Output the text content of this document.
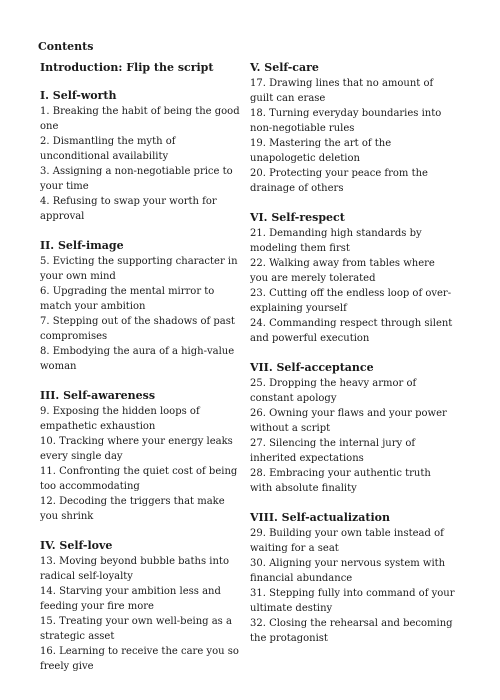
Contents
Introduction: Flip the script
I. Self-worth

1. Breaking the habit of being the good one

2. Dismantling the myth of unconditional availability

3. Assigning a non-negotiable price to your time

4. Refusing to swap your worth for approval

II. Self-image

5. Evicting the supporting character in your own mind

6. Upgrading the mental mirror to match your ambition

7. Stepping out of the shadows of past compromises

8. Embodying the aura of a high-value woman

III. Self-awareness

9. Exposing the hidden loops of empathetic exhaustion

10. Tracking where your energy leaks every single day

11. Confronting the quiet cost of being too accommodating

12. Decoding the triggers that make you shrink

IV. Self-love

13. Moving beyond bubble baths into radical self-loyalty

14. Starving your ambition less and feeding your fire more

15. Treating your own well-being as a strategic asset

16. Learning to receive the care you so freely give

V. Self-care

17. Drawing lines that no amount of guilt can erase

18. Turning everyday boundaries into non-negotiable rules

19. Mastering the art of the unapologetic deletion

20. Protecting your peace from the drainage of others

VI. Self-respect

21. Demanding high standards by modeling them first

22. Walking away from tables where you are merely tolerated

23. Cutting off the endless loop of over-explaining yourself

24. Commanding respect through silent and powerful execution

VII. Self-acceptance

25. Dropping the heavy armor of constant apology

26. Owning your flaws and your power without a script

27. Silencing the internal jury of inherited expectations

28. Embracing your authentic truth with absolute finality

VIII. Self-actualization

29. Building your own table instead of waiting for a seat

30. Aligning your nervous system with financial abundance

31. Stepping fully into command of your ultimate destiny

32. Closing the rehearsal and becoming the protagonist
